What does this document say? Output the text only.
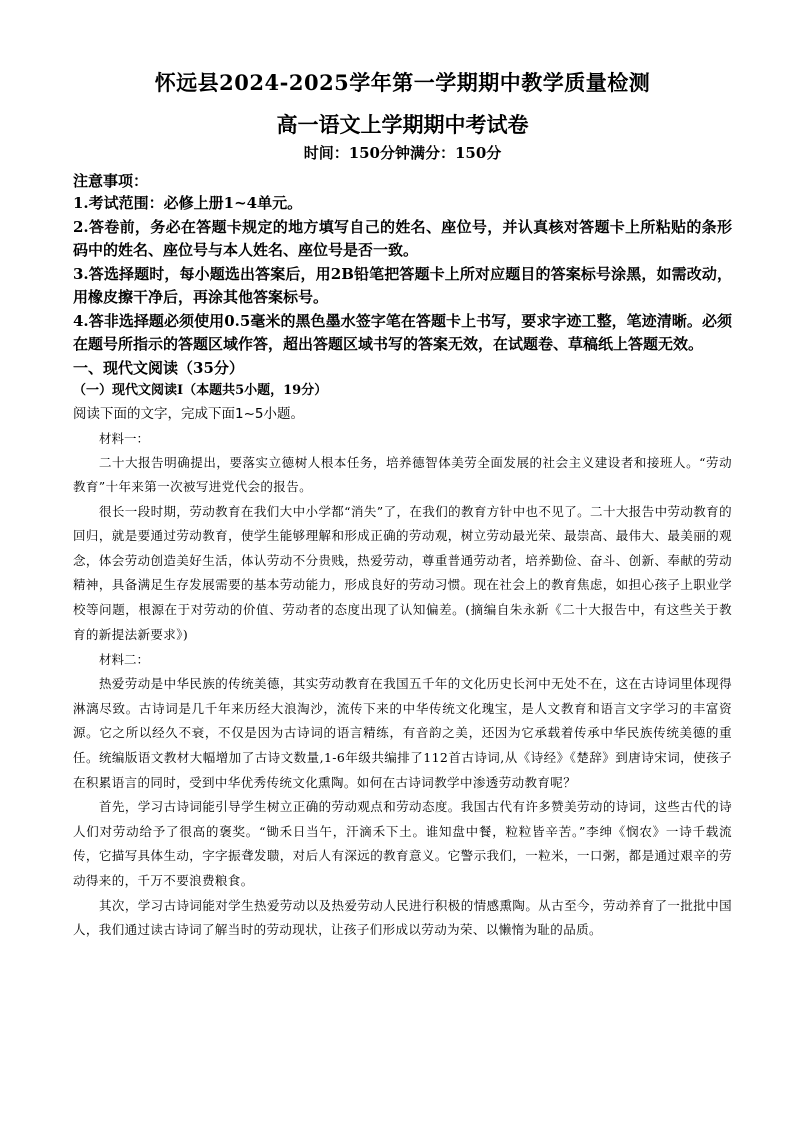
怀远县2024-2025学年第一学期期中教学质量检测
高一语文上学期期中考试卷
时间：150分钟满分：150分
注意事项：

1.考试范围：必修上册1~4单元。

2.答卷前，务必在答题卡规定的地方填写自己的姓名、座位号，并认真核对答题卡上所粘贴的条形码中的姓名、座位号与本人姓名、座位号是否一致。

3.答选择题时，每小题选出答案后，用2B铅笔把答题卡上所对应题目的答案标号涂黑，如需改动，用橡皮擦干净后，再涂其他答案标号。

4.答非选择题必须使用0.5毫米的黑色墨水签字笔在答题卡上书写，要求字迹工整，笔迹清晰。必须在题号所指示的答题区域作答，超出答题区域书写的答案无效，在试题卷、草稿纸上答题无效。

一、现代文阅读（35分）
（一）现代文阅读Ⅰ（本题共5小题，19分）
阅读下面的文字，完成下面1~5小题。
材料一：

二十大报告明确提出，要落实立德树人根本任务，培养德智体美劳全面发展的社会主义建设者和接班人。“劳动教育”十年来第一次被写进党代会的报告。

很长一段时期，劳动教育在我们大中小学都“消失”了，在我们的教育方针中也不见了。二十大报告中劳动教育的回归，就是要通过劳动教育，使学生能够理解和形成正确的劳动观，树立劳动最光荣、最崇高、最伟大、最美丽的观念，体会劳动创造美好生活，体认劳动不分贵贱，热爱劳动，尊重普通劳动者，培养勤俭、奋斗、创新、奉献的劳动精神，具备满足生存发展需要的基本劳动能力，形成良好的劳动习惯。现在社会上的教育焦虑，如担心孩子上职业学校等问题，根源在于对劳动的价值、劳动者的态度出现了认知偏差。(摘编自朱永新《二十大报告中，有这些关于教育的新提法新要求》)

材料二：

热爱劳动是中华民族的传统美德，其实劳动教育在我国五千年的文化历史长河中无处不在，这在古诗词里体现得淋漓尽致。古诗词是几千年来历经大浪淘沙，流传下来的中华传统文化瑰宝，是人文教育和语言文字学习的丰富资源。它之所以经久不衰，不仅是因为古诗词的语言精练，有音韵之美，还因为它承载着传承中华民族传统美德的重任。统编版语文教材大幅增加了古诗文数量,1-6年级共编排了112首古诗词,从《诗经》《楚辞》到唐诗宋词，使孩子在积累语言的同时，受到中华优秀传统文化熏陶。如何在古诗词教学中渗透劳动教育呢？

首先，学习古诗词能引导学生树立正确的劳动观点和劳动态度。我国古代有许多赞美劳动的诗词，这些古代的诗人们对劳动给予了很高的褒奖。“锄禾日当午，汗滴禾下土。谁知盘中餐，粒粒皆辛苦。”李绅《悯农》一诗千载流传，它描写具体生动，字字振聋发聩，对后人有深远的教育意义。它警示我们，一粒米，一口粥，都是通过艰辛的劳动得来的，千万不要浪费粮食。

其次，学习古诗词能对学生热爱劳动以及热爱劳动人民进行积极的情感熏陶。从古至今，劳动养育了一批批中国人，我们通过读古诗词了解当时的劳动现状，让孩子们形成以劳动为荣、以懒惰为耻的品质。
